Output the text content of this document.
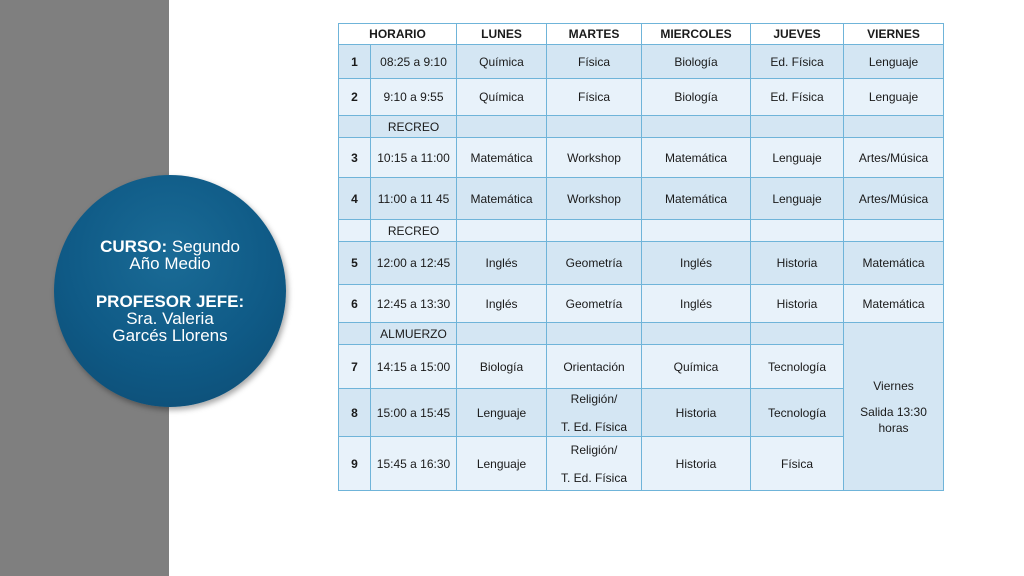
CURSO: Segundo
Año Medio
PROFESOR JEFE:
Sra. Valeria
Garcés Llorens
HORARIO		LUNES	MARTES	MIERCOLES	JUEVES	VIERNES
1	08:25 a 9:10	Química	Física	Biología	Ed. Física	Lenguaje
2	9:10 a 9:55	Química	Física	Biología	Ed. Física	Lenguaje
	RECREO					
3	10:15 a 11:00	Matemática	Workshop	Matemática	Lenguaje	Artes/Música
4	11:00 a 11 45	Matemática	Workshop	Matemática	Lenguaje	Artes/Música
	RECREO					
5	12:00 a 12:45	Inglés	Geometría	Inglés	Historia	Matemática
6	12:45 a 13:30	Inglés	Geometría	Inglés	Historia	Matemática
	ALMUERZO					Viernes
Salida 13:30
horas

7	14:15 a 15:00	Biología	Orientación	Química	Tecnología	
8	15:00 a 15:45	Lenguaje	Religión/
T. Ed. Física	Historia	Tecnología	
9	15:45 a 16:30	Lenguaje	Religión/
T. Ed. Física	Historia	Física	
